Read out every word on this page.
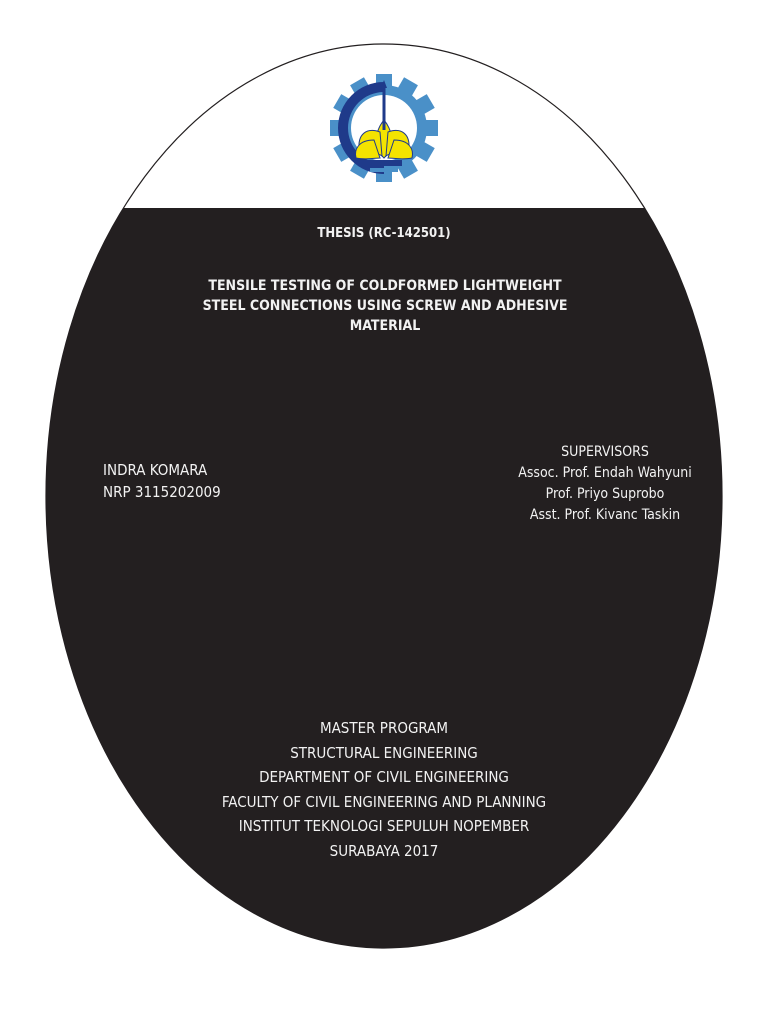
THESIS (RC-142501)

TENSILE TESTING OF COLDFORMED LIGHTWEIGHT
STEEL CONNECTIONS USING SCREW AND ADHESIVE
MATERIAL
INDRA KOMARA
NRP 3115202009
SUPERVISORS
Assoc. Prof. Endah Wahyuni
Prof. Priyo Suprobo
Asst. Prof. Kivanc Taskin
MASTER PROGRAM
STRUCTURAL ENGINEERING
DEPARTMENT OF CIVIL ENGINEERING
FACULTY OF CIVIL ENGINEERING AND PLANNING
INSTITUT TEKNOLOGI SEPULUH NOPEMBER
SURABAYA 2017
